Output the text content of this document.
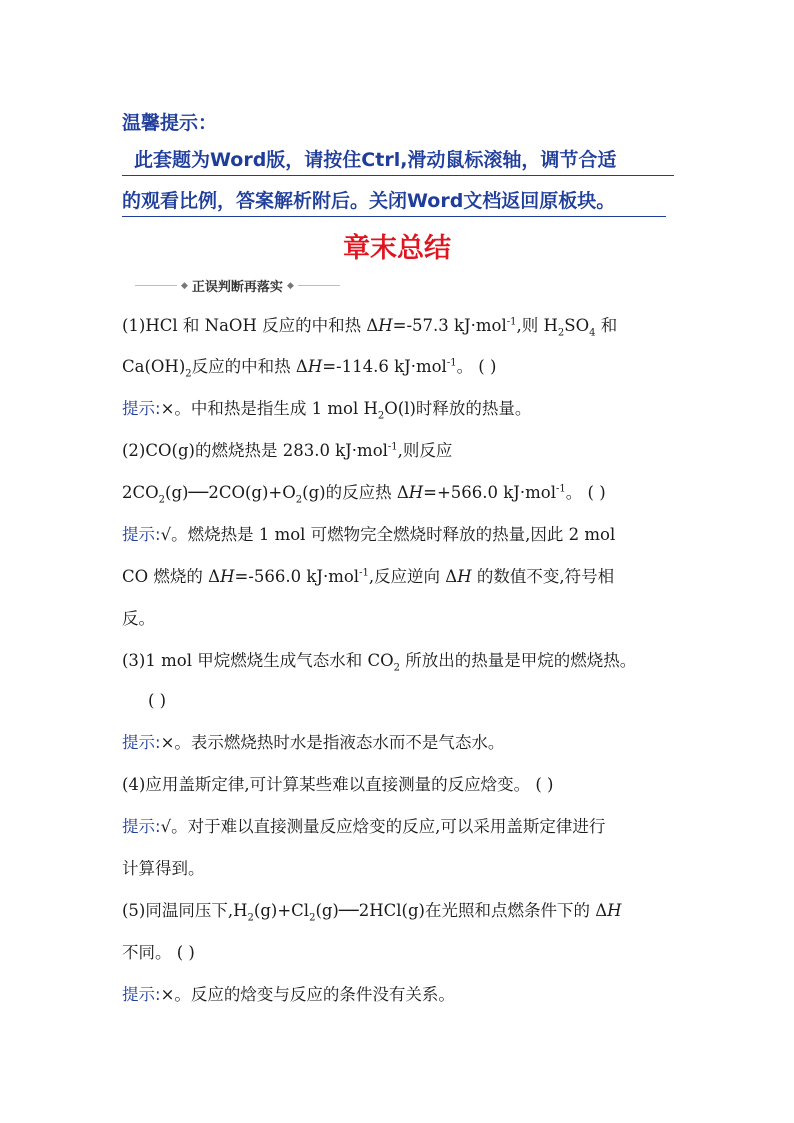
温馨提示：
此套题为Word版，请按住Ctrl,滑动鼠标滚轴，调节合适
的观看比例，答案解析附后。关闭Word文档返回原板块。
章末总结
◆ 正误判断再落实 ◆
(1)HCl 和 NaOH 反应的中和热 ΔH=-57.3 kJ·mol$^{-1}$,则 $H_2SO_4$ 和
$Ca(OH)_2$反应的中和热 ΔH=-114.6 kJ·mol$^{-1}$。 ( )
提示:×。中和热是指生成 1 mol $H_2O(l)$时释放的热量。
(2)CO(g)的燃烧热是 283.0 kJ·mol$^{-1}$,则反应
$2CO_2(g)──2CO(g)+O_2(g)$的反应热 ΔH=+566.0 kJ·mol$^{-1}$。 ( )
提示:√。燃烧热是 1 mol 可燃物完全燃烧时释放的热量,因此 2 mol
CO 燃烧的 ΔH=-566.0 kJ·mol$^{-1}$,反应逆向 ΔH 的数值不变,符号相
反。
(3)1 mol 甲烷燃烧生成气态水和 $CO_2$ 所放出的热量是甲烷的燃烧热。
( )
提示:×。表示燃烧热时水是指液态水而不是气态水。
(4)应用盖斯定律,可计算某些难以直接测量的反应焓变。 ( )
提示:√。对于难以直接测量反应焓变的反应,可以采用盖斯定律进行
计算得到。
(5)同温同压下$,H_2(g)+Cl_2(g)──2HCl(g)$在光照和点燃条件下的 ΔH
不同。 ( )
提示:×。反应的焓变与反应的条件没有关系。
